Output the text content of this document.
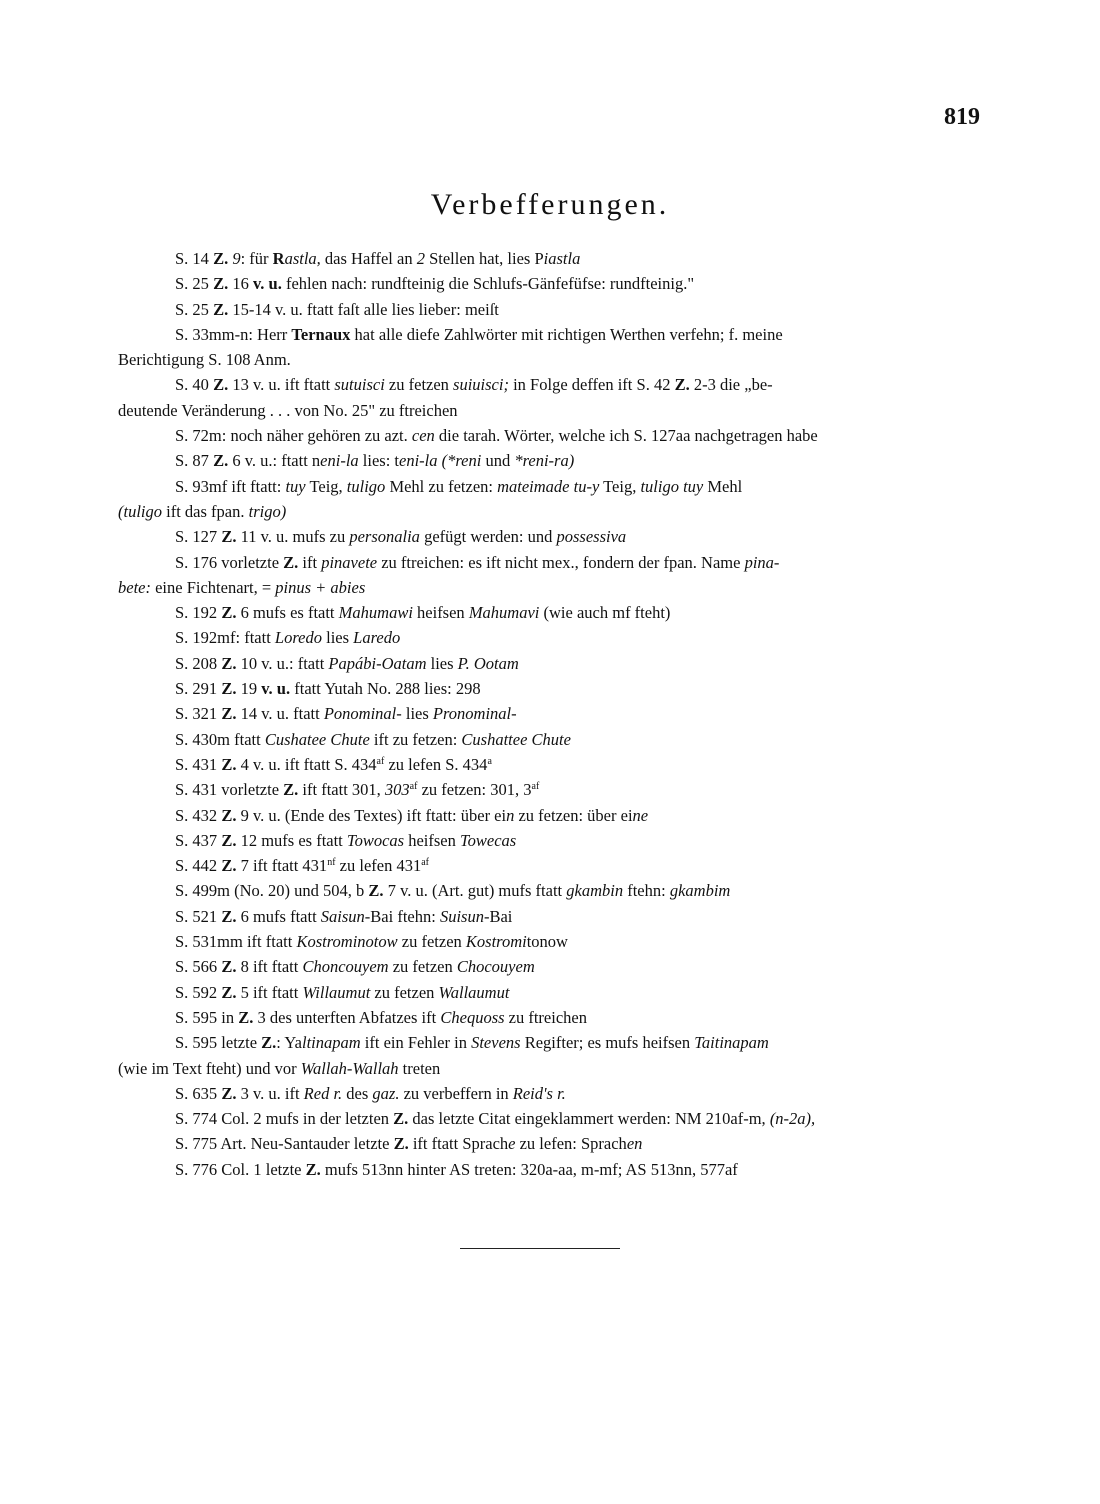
819
Verbefferungen.

S. 14 Z. 9: für Rastla, das Haffel an 2 Stellen hat, lies Piastla

S. 25 Z. 16 v. u. fehlen nach: rundfteinig die Schlufs-Gänfefüfse: rundfteinig."

S. 25 Z. 15-14 v. u. ftatt faſt alle lies lieber: meiſt

S. 33mm-n: Herr Ternaux hat alle diefe Zahlwörter mit richtigen Werthen verfehn; f. meine
Berichtigung S. 108 Anm.

S. 40 Z. 13 v. u. ift ftatt sutuisci zu fetzen suiuisci; in Folge deffen ift S. 42 Z. 2-3 die „be-
deutende Veränderung . . . von No. 25" zu ftreichen

S. 72m: noch näher gehören zu azt. cen die tarah. Wörter, welche ich S. 127aa nachgetragen habe

S. 87 Z. 6 v. u.: ftatt neni-la lies: teni-la (*reni und *reni-ra)

S. 93mf ift ftatt: tuy Teig, tuligo Mehl zu fetzen: mateimade tu-y Teig, tuligo tuy Mehl
(tuligo ift das fpan. trigo)

S. 127 Z. 11 v. u. mufs zu personalia gefügt werden: und possessiva

S. 176 vorletzte Z. ift pinavete zu ftreichen: es ift nicht mex., fondern der fpan. Name pina-
bete: eine Fichtenart, = pinus + abies

S. 192 Z. 6 mufs es ftatt Mahumawi heifsen Mahumavi (wie auch mf fteht)

S. 192mf: ftatt Loredo lies Laredo

S. 208 Z. 10 v. u.: ftatt Papábi-Oatam lies P. Ootam

S. 291 Z. 19 v. u. ftatt Yutah No. 288 lies: 298

S. 321 Z. 14 v. u. ftatt Ponominal- lies Pronominal-

S. 430m ftatt Cushatee Chute ift zu fetzen: Cushattee Chute

S. 431 Z. 4 v. u. ift ftatt S. $434^{af}$ zu lefen S. 434$^a$

S. 431 vorletzte Z. ift ftatt 301, $303^{af}$ zu fetzen: 301, $3^{af}$

S. 432 Z. 9 v. u. (Ende des Textes) ift ftatt: über ein zu fetzen: über eine

S. 437 Z. 12 mufs es ftatt Towocas heifsen Towecas

S. 442 Z. 7 ift ftatt $431^{nf}$ zu lefen $431^{af}$

S. 499m (No. 20) und 504, b Z. 7 v. u. (Art. gut) mufs ftatt gkambin ftehn: gkambim

S. 521 Z. 6 mufs ftatt Saisun-Bai ftehn: Suisun-Bai

S. 531mm ift ftatt Kostrominotow zu fetzen Kostromitonow

S. 566 Z. 8 ift ftatt Choncouyem zu fetzen Chocouyem

S. 592 Z. 5 ift ftatt Willaumut zu fetzen Wallaumut

S. 595 in Z. 3 des unterften Abfatzes ift Chequoss zu ftreichen

S. 595 letzte Z.: Yaltinapam ift ein Fehler in Stevens Regifter; es mufs heifsen Taitinapam
(wie im Text fteht) und vor Wallah-Wallah treten

S. 635 Z. 3 v. u. ift Red r. des gaz. zu verbeffern in Reid's r.

S. 774 Col. 2 mufs in der letzten Z. das letzte Citat eingeklammert werden: NM 210af-m, (n-2a),

S. 775 Art. Neu-Santauder letzte Z. ift ftatt Sprache zu lefen: Sprachen

S. 776 Col. 1 letzte Z. mufs 513nn hinter AS treten: 320a-aa, m-mf; AS 513nn, 577af
